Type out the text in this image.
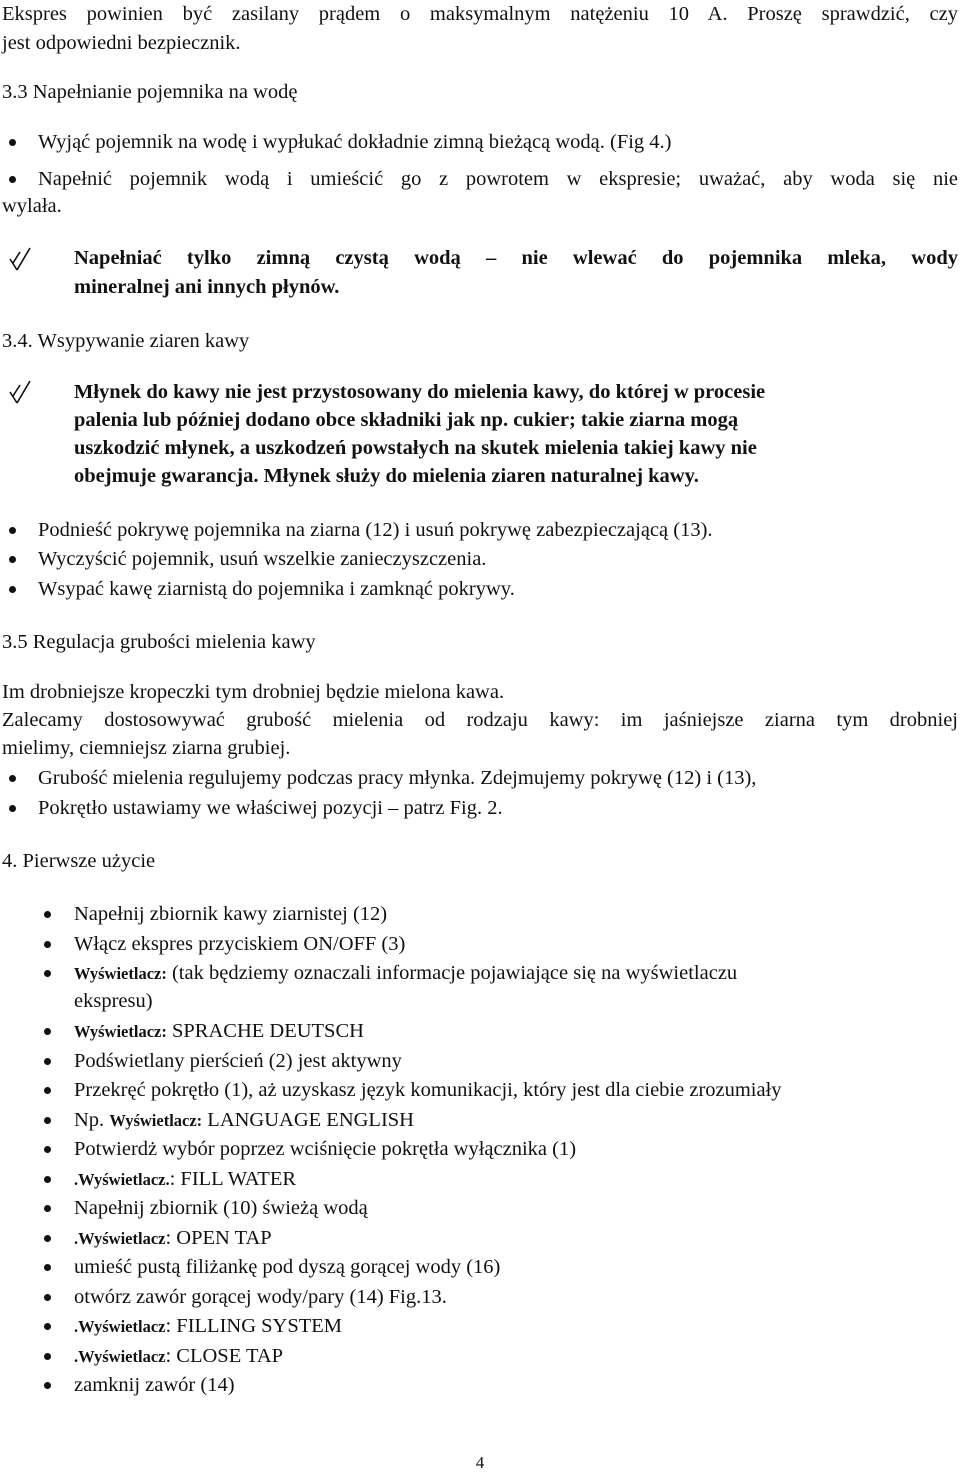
Ekspres powinien być zasilany prądem o maksymalnym natężeniu 10 A. Proszę sprawdzić, czy
jest odpowiedni bezpiecznik.
3.3 Napełnianie pojemnika na wodę
Wyjąć pojemnik na wodę i wypłukać dokładnie zimną bieżącą wodą. (Fig 4.)
Napełnić pojemnik wodą i umieścić go z powrotem w ekspresie; uważać, aby woda się nie
wylała.
Napełniać tylko zimną czystą wodą – nie wlewać do pojemnika mleka, wody
mineralnej ani innych płynów.
3.4. Wsypywanie ziaren kawy
Młynek do kawy nie jest przystosowany do mielenia kawy, do której w procesie
palenia lub później dodano obce składniki jak np. cukier; takie ziarna mogą
uszkodzić młynek, a uszkodzeń powstałych na skutek mielenia takiej kawy nie
obejmuje gwarancja. Młynek służy do mielenia ziaren naturalnej kawy.
Podnieść pokrywę pojemnika na ziarna (12) i usuń pokrywę zabezpieczającą (13).
Wyczyścić pojemnik, usuń wszelkie zanieczyszczenia.
Wsypać kawę ziarnistą do pojemnika i zamknąć pokrywy.
3.5 Regulacja grubości mielenia kawy
Im drobniejsze kropeczki tym drobniej będzie mielona kawa.
Zalecamy dostosowywać grubość mielenia od rodzaju kawy: im jaśniejsze ziarna tym drobniej
mielimy, ciemniejsz ziarna grubiej.
Grubość mielenia regulujemy podczas pracy młynka. Zdejmujemy pokrywę (12) i (13),
Pokrętło ustawiamy we właściwej pozycji – patrz Fig. 2.
4. Pierwsze użycie
Napełnij zbiornik kawy ziarnistej (12)
Włącz ekspres przyciskiem ON/OFF (3)
Wyświetlacz: (tak będziemy oznaczali informacje pojawiające się na wyświetlaczu
ekspresu)
Wyświetlacz: SPRACHE DEUTSCH
Podświetlany pierścień (2) jest aktywny
Przekręć pokrętło (1), aż uzyskasz język komunikacji, który jest dla ciebie zrozumiały
Np. Wyświetlacz: LANGUAGE ENGLISH
Potwierdż wybór poprzez wciśnięcie pokrętła wyłącznika (1)
.Wyświetlacz.: FILL WATER
Napełnij zbiornik (10) świeżą wodą
.Wyświetlacz: OPEN TAP
umieść pustą filiżankę pod dyszą gorącej wody (16)
otwórz zawór gorącej wody/pary (14) Fig.13.
.Wyświetlacz: FILLING SYSTEM
.Wyświetlacz: CLOSE TAP
zamknij zawór (14)
4
